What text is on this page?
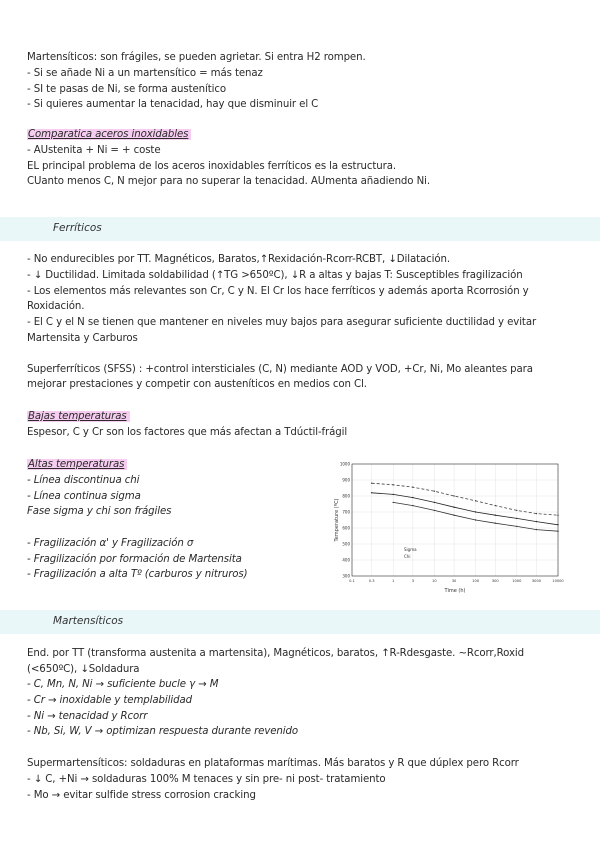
Martensíticos: son frágiles, se pueden agrietar. Si entra H2 rompen.
- Si se añade Ni a un martensítico = más tenaz
- SI te pasas de Ni, se forma austenítico
- Si quieres aumentar la tenacidad, hay que disminuir el C
Comparatica aceros inoxidables
- AUstenita + Ni = + coste
EL principal problema de los aceros inoxidables ferríticos es la estructura.
CUanto menos C, N mejor para no superar la tenacidad. AUmenta añadiendo Ni.
Ferríticos
- No endurecibles por TT. Magnéticos, Baratos,↑Rexidación-Rcorr-RCBT, ↓Dilatación.
- ↓ Ductilidad. Limitada soldabilidad (↑TG >650ºC), ↓R a altas y bajas T: Susceptibles fragilización
- Los elementos más relevantes son Cr, C y N. El Cr los hace ferríticos y además aporta Rcorrosión y
Roxidación.
- El C y el N se tienen que mantener en niveles muy bajos para asegurar suficiente ductilidad y evitar
Martensita y Carburos
Superferríticos (SFSS) : +control intersticiales (C, N) mediante AOD y VOD, +Cr, Ni, Mo aleantes para
mejorar prestaciones y competir con austeníticos en medios con Cl.
Bajas temperaturas
Espesor, C y Cr son los factores que más afectan a Tdúctil-frágil
Altas temperaturas
- Línea discontinua chi
- Línea continua sigma
Fase sigma y chi son frágiles
- Fragilización α' y Fragilización σ
- Fragilización por formación de Martensita
- Fragilización a alta Tº (carburos y nitruros)
1000
900
800
700
600
500
400
300
0.1	0.3	1	3	10	30	100	300	1000	3000	10000
Temperature (ºC)
Time (h)
Sigma
Chi
Martensíticos
End. por TT (transforma austenita a martensita), Magnéticos, baratos, ↑R-Rdesgaste. ~Rcorr,Roxid
(<650ºC), ↓Soldadura
- C, Mn, N, Ni → suficiente bucle γ → M
- Cr → inoxidable y templabilidad
- Ni → tenacidad y Rcorr
- Nb, Si, W, V → optimizan respuesta durante revenido
Supermartensíticos: soldaduras en plataformas marítimas. Más baratos y R que dúplex pero Rcorr
- ↓ C, +Ni → soldaduras 100% M tenaces y sin pre- ni post- tratamiento
- Mo → evitar sulfide stress corrosion cracking
